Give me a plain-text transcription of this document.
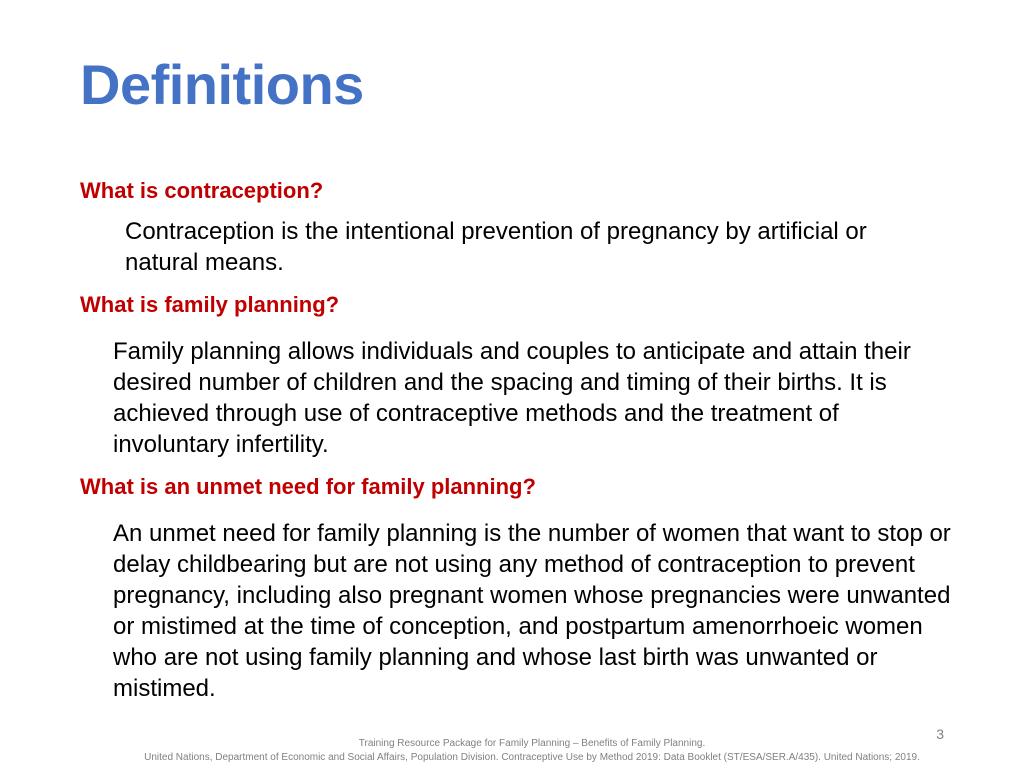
Definitions
What is contraception?
Contraception is the intentional prevention of pregnancy by artificial or natural means.
What is family planning?
Family planning allows individuals and couples to anticipate and attain their desired number of children and the spacing and timing of their births. It is achieved through use of contraceptive methods and the treatment of involuntary infertility.
What is an unmet need for family planning?
An unmet need for family planning is the number of women that want to stop or delay childbearing but are not using any method of contraception to prevent pregnancy, including also pregnant women whose pregnancies were unwanted or mistimed at the time of conception, and postpartum amenorrhoeic women who are not using family planning and whose last birth was unwanted or mistimed.
3
Training Resource Package for Family Planning – Benefits of Family Planning.
United Nations, Department of Economic and Social Affairs, Population Division. Contraceptive Use by Method 2019: Data Booklet (ST/ESA/SER.A/435). United Nations; 2019.
